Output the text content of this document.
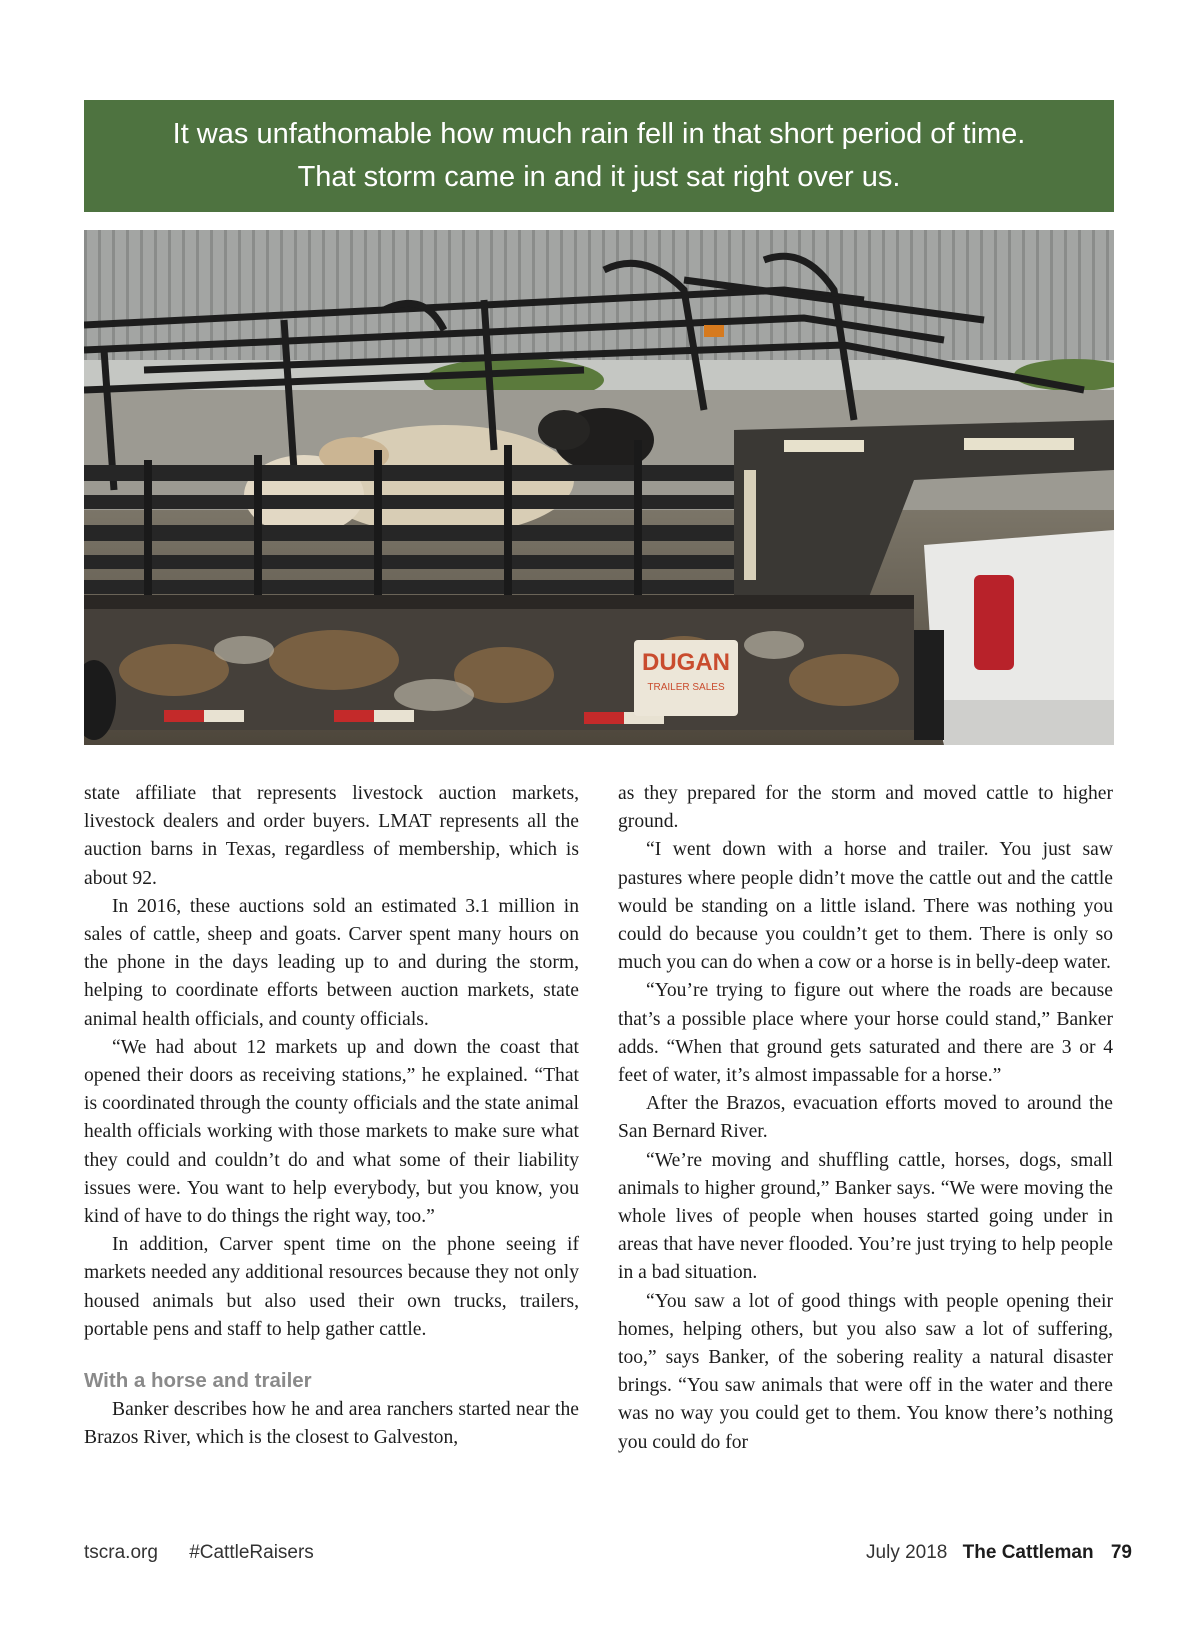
It was unfathomable how much rain fell in that short period of time.
That storm came in and it just sat right over us.
DUGAN
TRAILER SALES

state affiliate that represents livestock auction markets, livestock dealers and order buyers. LMAT represents all the auction barns in Texas, regardless of membership, which is about 92.

In 2016, these auctions sold an estimated 3.1 million in sales of cattle, sheep and goats. Carver spent many hours on the phone in the days leading up to and during the storm, helping to coordinate efforts between auction markets, state animal health officials, and county officials.

“We had about 12 markets up and down the coast that opened their doors as receiving stations,” he explained. “That is coordinated through the county officials and the state animal health officials working with those markets to make sure what they could and couldn’t do and what some of their liability issues were. You want to help everybody, but you know, you kind of have to do things the right way, too.”

In addition, Carver spent time on the phone seeing if markets needed any additional resources because they not only housed animals but also used their own trucks, trailers, portable pens and staff to help gather cattle.

With a horse and trailer

Banker describes how he and area ranchers started near the Brazos River, which is the closest to Galveston,

as they prepared for the storm and moved cattle to higher ground.

“I went down with a horse and trailer. You just saw pastures where people didn’t move the cattle out and the cattle would be standing on a little island. There was nothing you could do because you couldn’t get to them. There is only so much you can do when a cow or a horse is in belly-deep water.

“You’re trying to figure out where the roads are because that’s a possible place where your horse could stand,” Banker adds. “When that ground gets saturated and there are 3 or 4 feet of water, it’s almost impassable for a horse.”

After the Brazos, evacuation efforts moved to around the San Bernard River.

“We’re moving and shuffling cattle, horses, dogs, small animals to higher ground,” Banker says. “We were moving the whole lives of people when houses started going under in areas that have never flooded. You’re just trying to help people in a bad situation.

“You saw a lot of good things with people opening their homes, helping others, but you also saw a lot of suffering, too,” says Banker, of the sobering reality a natural disaster brings. “You saw animals that were off in the water and there was no way you could get to them. You know there’s nothing you could do for

tscra.org #CattleRaisers	July 2018 The Cattleman 79
